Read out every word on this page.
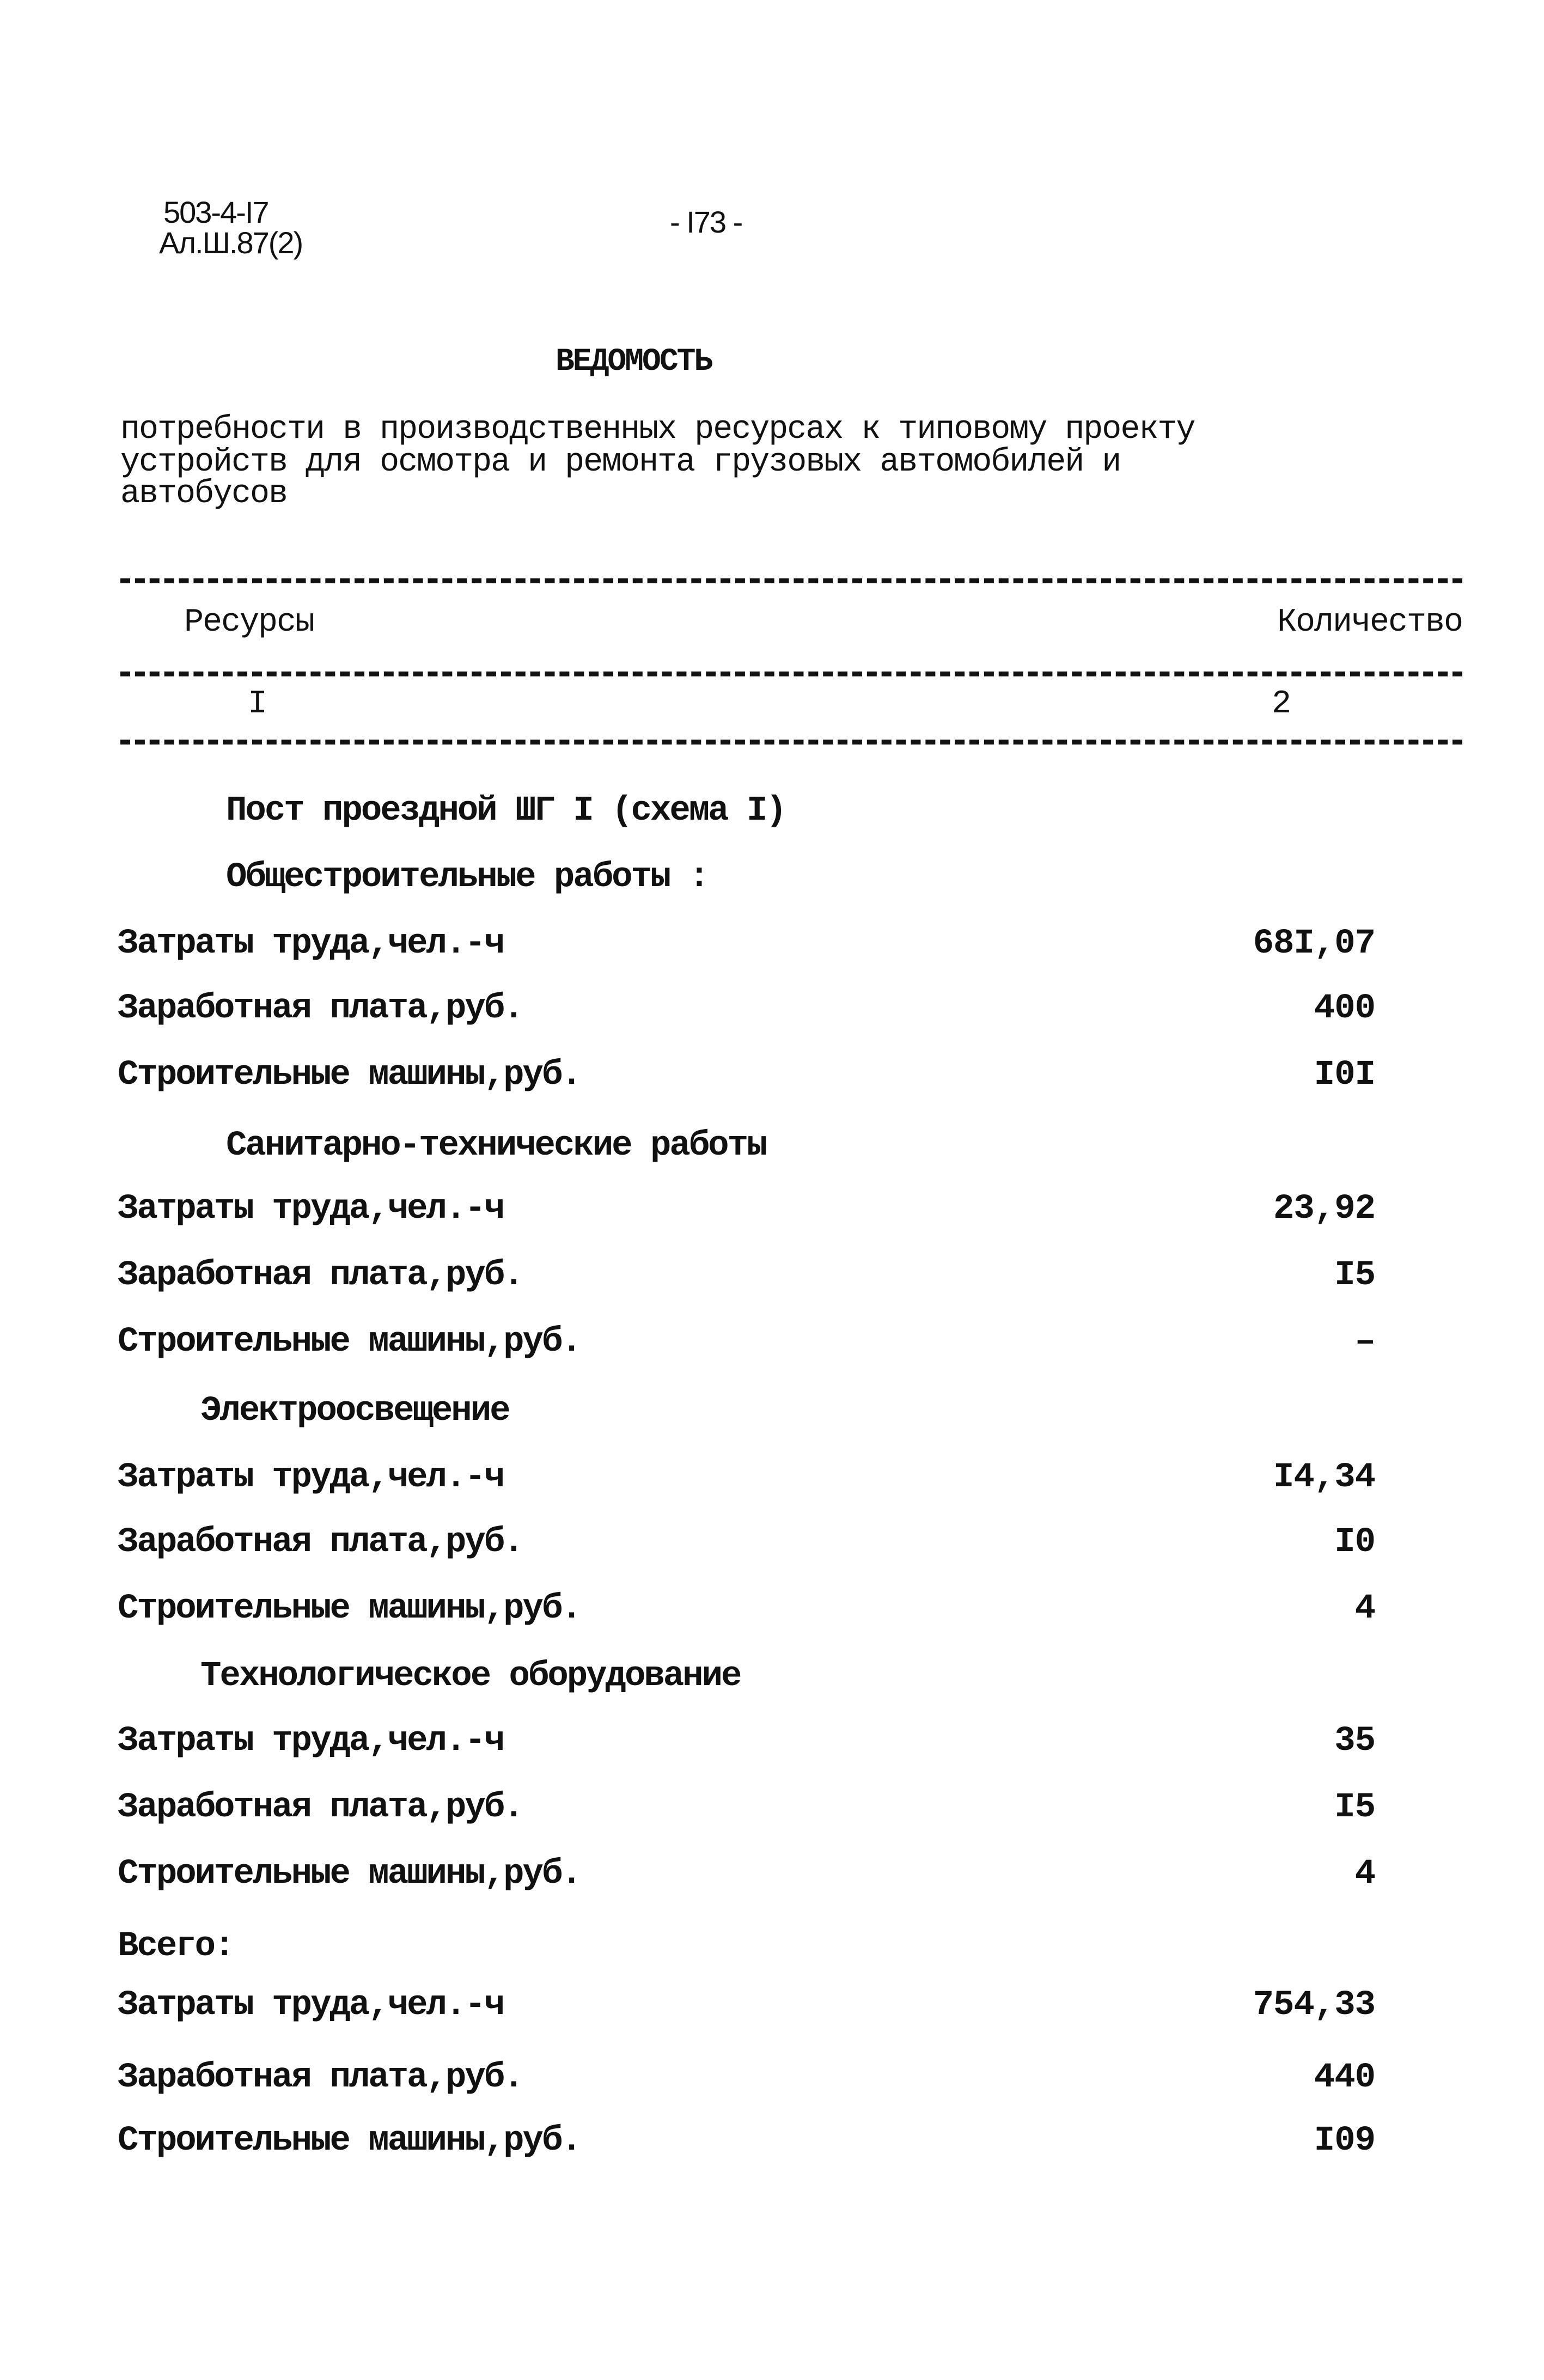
503-4-I7
Ал.Ш.87(2)
- I73 -
ВЕДОМОСТЬ
потребности в производственных ресурсах к типовому проекту
устройств для осмотра и ремонта грузовых автомобилей и
автобусов
Ресурсы	Количество
I	2
Пост проездной ШГ I (схема I)
Общестроительные работы :
Затраты труда,чел.-ч	68I,07
Заработная плата,руб.	400
Строительные машины,руб.	I0I
Санитарно-технические работы
Затраты труда,чел.-ч	23,92
Заработная плата,руб.	I5
Строительные машины,руб.	–
Электроосвещение
Затраты труда,чел.-ч	I4,34
Заработная плата,руб.	I0
Строительные машины,руб.	4
Технологическое оборудование
Затраты труда,чел.-ч	35
Заработная плата,руб.	I5
Строительные машины,руб.	4
Всего:
Затраты труда,чел.-ч	754,33
Заработная плата,руб.	440
Строительные машины,руб.	I09
